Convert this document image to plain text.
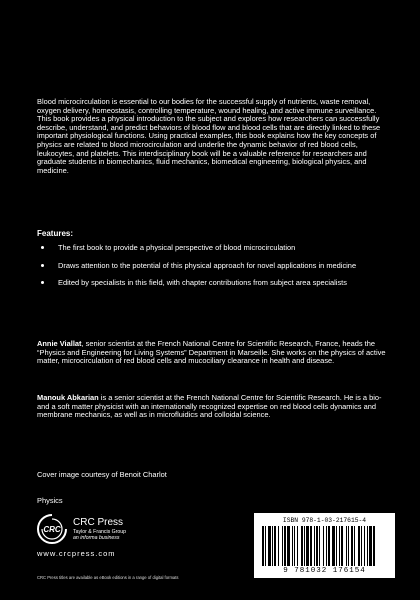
Blood microcirculation is essential to our bodies for the successful supply of nutrients, waste removal, oxygen delivery, homeostasis, controlling temperature, wound healing, and active immune surveillance. This book provides a physical introduction to the subject and explores how researchers can successfully describe, understand, and predict behaviors of blood flow and blood cells that are directly linked to these important physiological functions. Using practical examples, this book explains how the key concepts of physics are related to blood microcirculation and underlie the dynamic behavior of red blood cells, leukocytes, and platelets. This interdisciplinary book will be a valuable reference for researchers and graduate students in biomechanics, fluid mechanics, biomedical engineering, biological physics, and medicine.

Features:

The first book to provide a physical perspective of blood microcirculation
Draws attention to the potential of this physical approach for novel applications in medicine
Edited by specialists in this field, with chapter contributions from subject area specialists

Annie Viallat, senior scientist at the French National Centre for Scientific Research, France, heads the “Physics and Engineering for Living Systems” Department in Marseille. She works on the physics of active matter, microcirculation of red blood cells and mucociliary clearance in health and disease.

Manouk Abkarian is a senior scientist at the French National Centre for Scientific Research. He is a bio- and a soft matter physicist with an internationally recognized expertise on red blood cells dynamics and membrane mechanics, as well as in microfluidics and colloidal science.

Cover image courtesy of Benoit Charlot

Physics

CRC

CRC Press

Taylor & Francis Group

an informa business

www.crcpress.com

CRC Press titles are available as eBook editions in a range of digital formats

ISBN 978-1-03-217615-4

9 781032 176154
